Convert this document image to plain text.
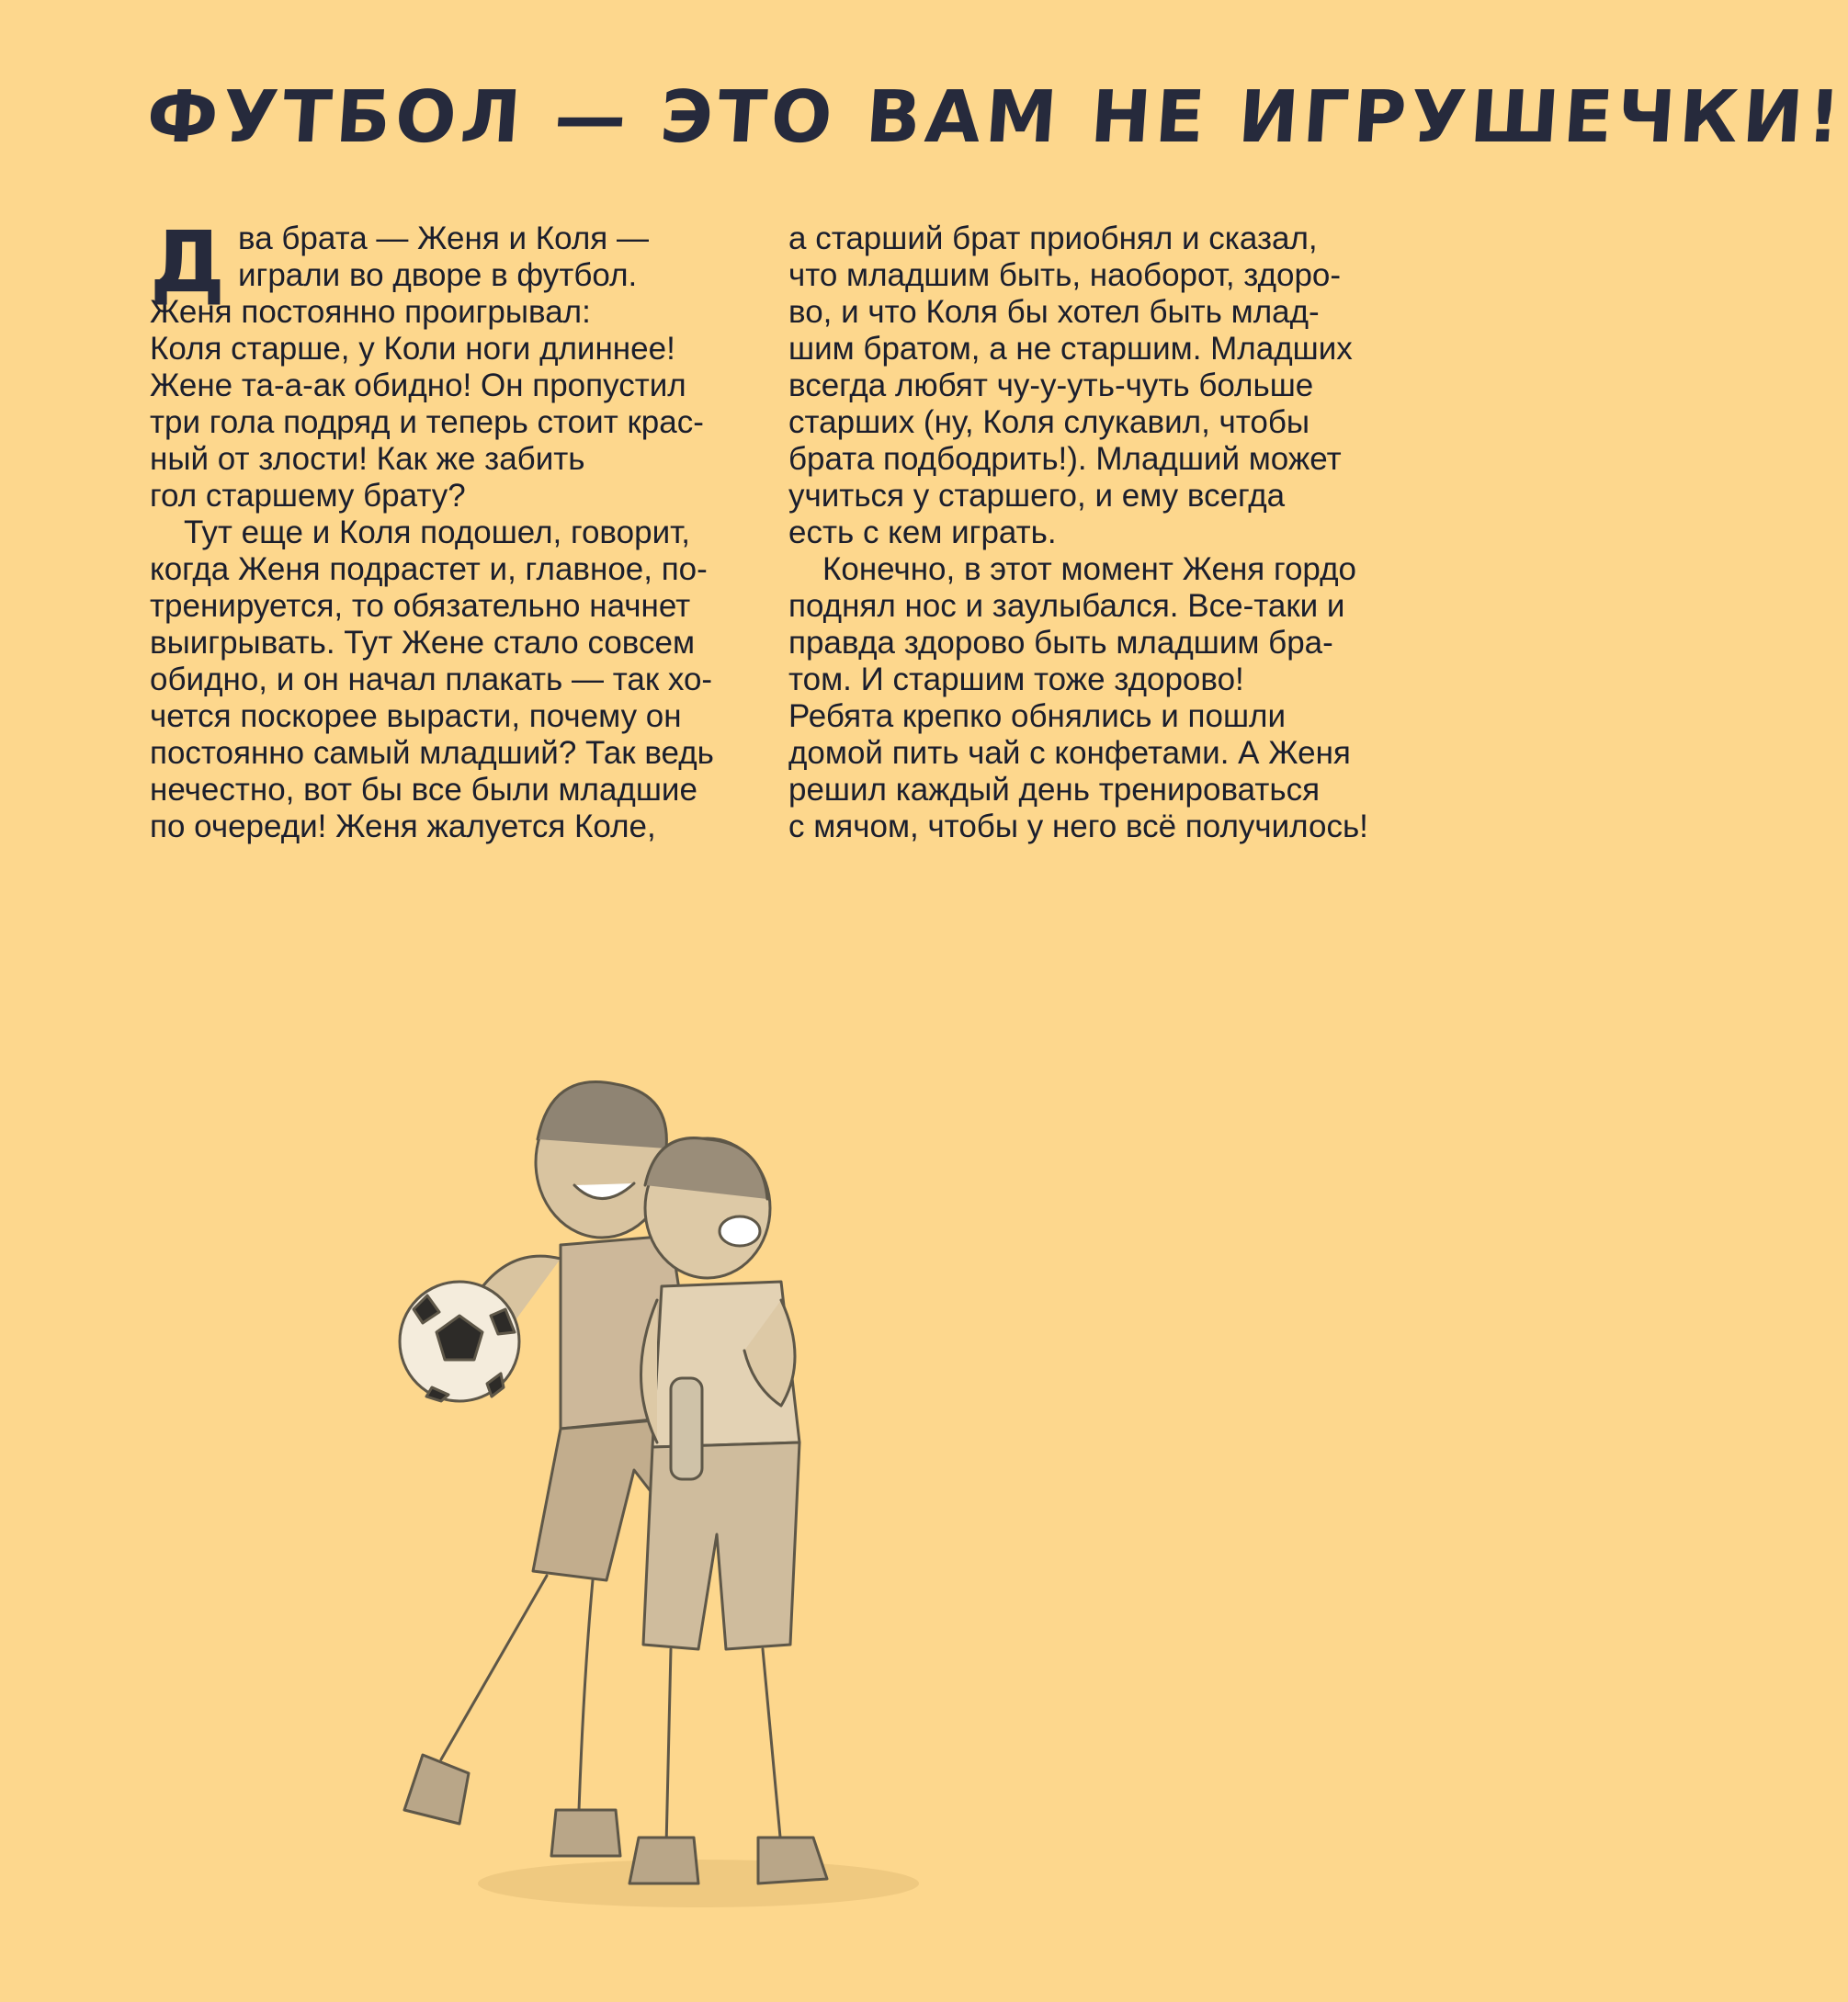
ФУТБОЛ — ЭТО ВАМ НЕ ИГРУШЕЧКИ!
Д ва брата — Женя и Коля —
играли во дворе в футбол.
Женя постоянно проигрывал:
Коля старше, у Коли ноги длиннее!
Жене та-а-ак обидно! Он пропустил
три гола подряд и теперь стоит крас-
ный от злости! Как же забить
гол старшему брату?
Тут еще и Коля подошел, говорит,
когда Женя подрастет и, главное, по-
тренируется, то обязательно начнет
выигрывать. Тут Жене стало совсем
обидно, и он начал плакать — так хо-
чется поскорее вырасти, почему он
постоянно самый младший? Так ведь
нечестно, вот бы все были младшие
по очереди! Женя жалуется Коле,
а старший брат приобнял и сказал,
что младшим быть, наоборот, здоро-
во, и что Коля бы хотел быть млад-
шим братом, а не старшим. Младших
всегда любят чу-у-уть-чуть больше
старших (ну, Коля слукавил, чтобы
брата подбодрить!). Младший может
учиться у старшего, и ему всегда
есть с кем играть.
Конечно, в этот момент Женя гордо
поднял нос и заулыбался. Все-таки и
правда здорово быть младшим бра-
том. И старшим тоже здорово!
Ребята крепко обнялись и пошли
домой пить чай с конфетами. А Женя
решил каждый день тренироваться
с мячом, чтобы у него всё получилось!
